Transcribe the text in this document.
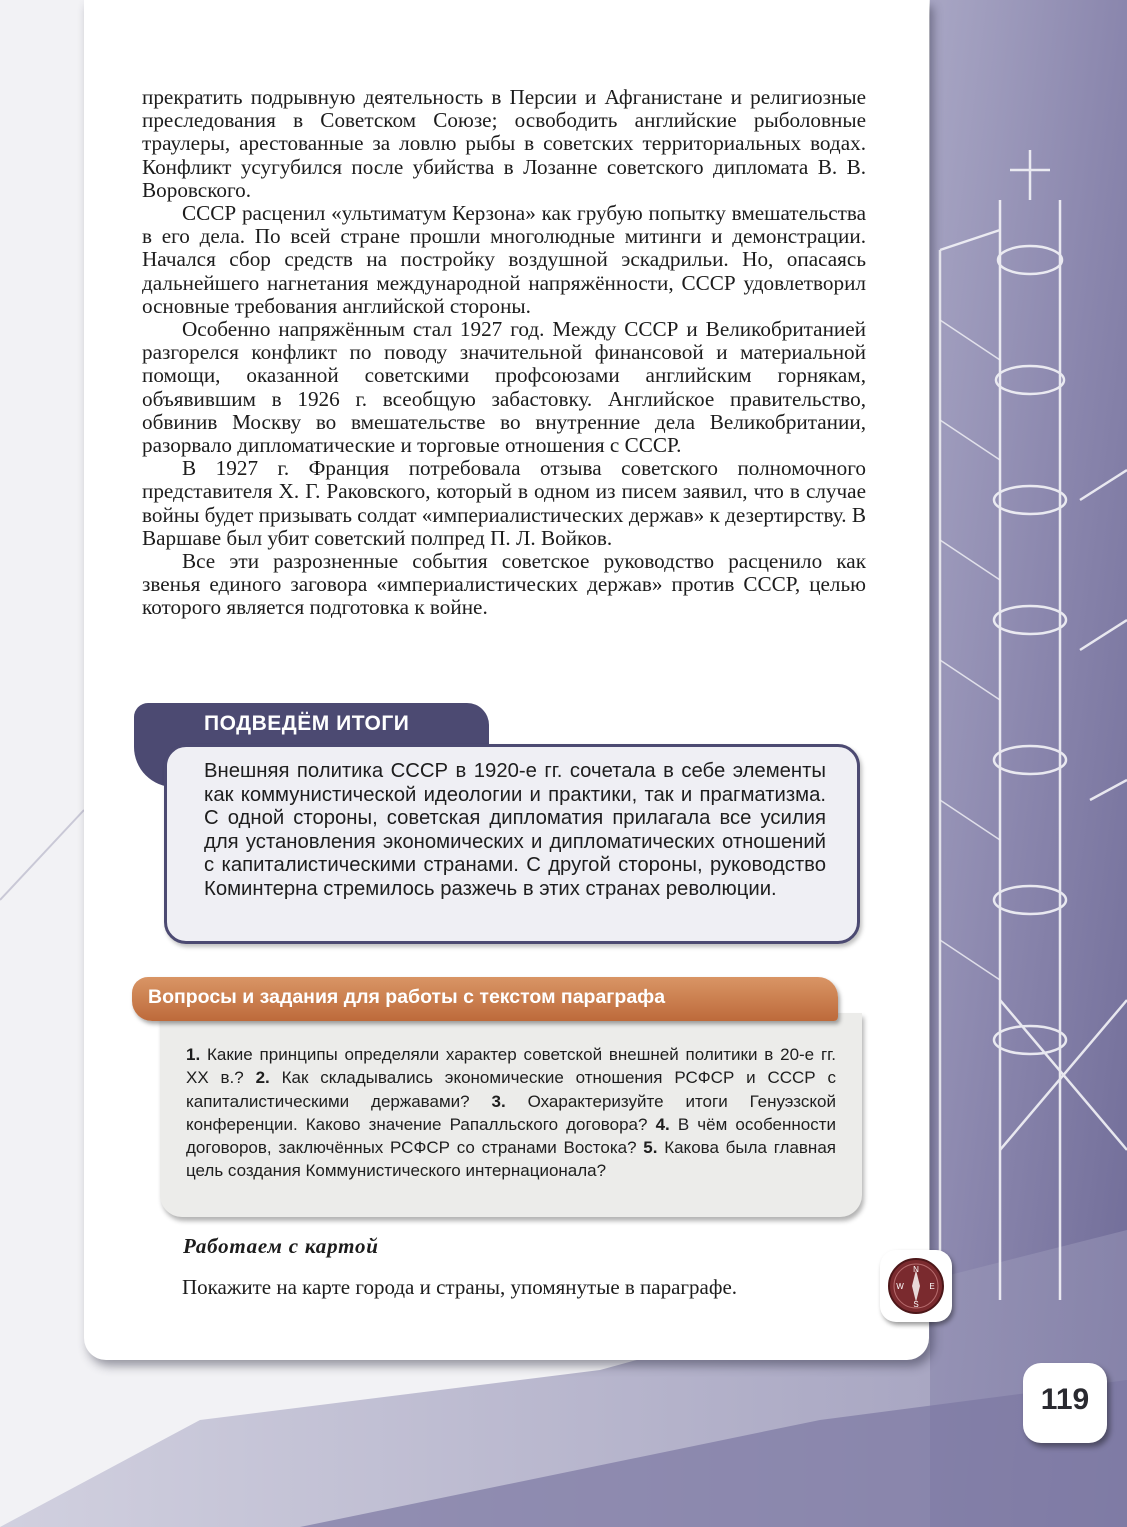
прекратить подрывную деятельность в Персии и Афганистане и религиозные преследования в Советском Союзе; освободить английские рыболовные траулеры, арестованные за ловлю рыбы в советских территориальных водах. Конфликт усугубился после убийства в Лозанне советского дипломата В. В. Воровского.

СССР расценил «ультиматум Керзона» как грубую попытку вмешательства в его дела. По всей стране прошли многолюдные митинги и демонстрации. Начался сбор средств на постройку воздушной эскадрильи. Но, опасаясь дальнейшего нагнетания международной напряжённости, СССР удовлетворил основные требования английской стороны.

Особенно напряжённым стал 1927 год. Между СССР и Великобританией разгорелся конфликт по поводу значительной финансовой и материальной помощи, оказанной советскими профсоюзами английским горнякам, объявившим в 1926 г. всеобщую забастовку. Английское правительство, обвинив Москву во вмешательстве во внутренние дела Великобритании, разорвало дипломатические и торговые отношения с СССР.

В 1927 г. Франция потребовала отзыва советского полномочного представителя Х. Г. Раковского, который в одном из писем заявил, что в случае войны будет призывать солдат «империалистических держав» к дезертирству. В Варшаве был убит советский полпред П. Л. Войков.

Все эти разрозненные события советское руководство расценило как звенья единого заговора «империалистических держав» против СССР, целью которого является подготовка к войне.

ПОДВЕДЁМ ИТОГИ
Внешняя политика СССР в 1920-е гг. сочетала в себе элементы как коммунистической идеологии и практики, так и прагматизма. С одной стороны, советская дипломатия прилагала все усилия для установления экономических и дипломатических отношений с капиталистическими странами. С другой стороны, руководство Коминтерна стремилось разжечь в этих странах революции.
Вопросы и задания для работы с текстом параграфа
1. Какие принципы определяли характер советской внешней политики в 20-е гг. XX в.? 2. Как складывались экономические отношения РСФСР и СССР с капиталистическими державами? 3. Охарактеризуйте итоги Генуэзской конференции. Каково значение Рапалльского договора? 4. В чём особенности договоров, заключённых РСФСР со странами Востока? 5. Какова была главная цель создания Коммунистического интернационала?
Работаем с картой
Покажите на карте города и страны, упомянутые в параграфе.
N
S
W	E
119
